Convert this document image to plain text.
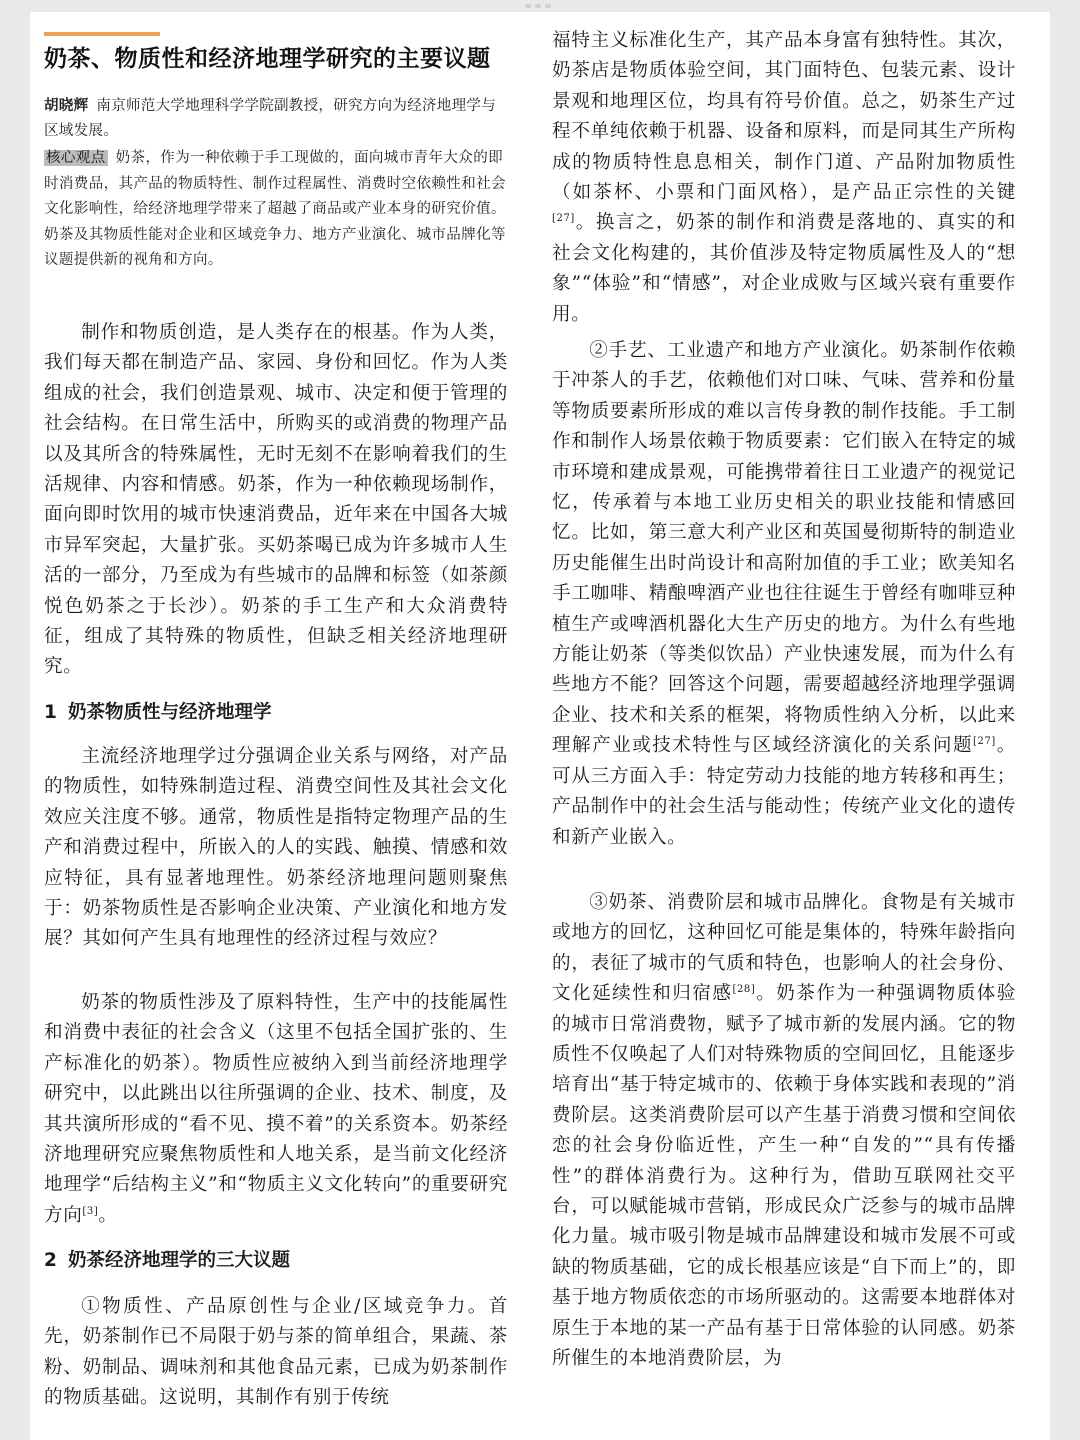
奶茶、物质性和经济地理学研究的主要议题
胡晓辉 南京师范大学地理科学学院副教授，研究方向为经济地理学与区域发展。
核心观点 奶茶，作为一种依赖于手工现做的，面向城市青年大众的即时消费品，其产品的物质特性、制作过程属性、消费时空依赖性和社会文化影响性，给经济地理学带来了超越了商品或产业本身的研究价值。奶茶及其物质性能对企业和区域竞争力、地方产业演化、城市品牌化等议题提供新的视角和方向。

制作和物质创造，是人类存在的根基。作为人类，我们每天都在制造产品、家园、身份和回忆。作为人类组成的社会，我们创造景观、城市、决定和便于管理的社会结构。在日常生活中，所购买的或消费的物理产品以及其所含的特殊属性，无时无刻不在影响着我们的生活规律、内容和情感。奶茶，作为一种依赖现场制作，面向即时饮用的城市快速消费品，近年来在中国各大城市异军突起，大量扩张。买奶茶喝已成为许多城市人生活的一部分，乃至成为有些城市的品牌和标签（如茶颜悦色奶茶之于长沙）。奶茶的手工生产和大众消费特征，组成了其特殊的物质性，但缺乏相关经济地理研究。

1 奶茶物质性与经济地理学

主流经济地理学过分强调企业关系与网络，对产品的物质性，如特殊制造过程、消费空间性及其社会文化效应关注度不够。通常，物质性是指特定物理产品的生产和消费过程中，所嵌入的人的实践、触摸、情感和效应特征，具有显著地理性。奶茶经济地理问题则聚焦于：奶茶物质性是否影响企业决策、产业演化和地方发展？其如何产生具有地理性的经济过程与效应？

奶茶的物质性涉及了原料特性，生产中的技能属性和消费中表征的社会含义（这里不包括全国扩张的、生产标准化的奶茶）。物质性应被纳入到当前经济地理学研究中，以此跳出以往所强调的企业、技术、制度，及其共演所形成的“看不见、摸不着”的关系资本。奶茶经济地理研究应聚焦物质性和人地关系，是当前文化经济地理学“后结构主义”和“物质主义文化转向”的重要研究方向[3]。

2 奶茶经济地理学的三大议题

①物质性、产品原创性与企业/区域竞争力。首先，奶茶制作已不局限于奶与茶的简单组合，果蔬、茶粉、奶制品、调味剂和其他食品元素，已成为奶茶制作的物质基础。这说明，其制作有别于传统

福特主义标准化生产，其产品本身富有独特性。其次，奶茶店是物质体验空间，其门面特色、包装元素、设计景观和地理区位，均具有符号价值。总之，奶茶生产过程不单纯依赖于机器、设备和原料，而是同其生产所构成的物质特性息息相关，制作门道、产品附加物质性（如茶杯、小票和门面风格），是产品正宗性的关键[27]。换言之，奶茶的制作和消费是落地的、真实的和社会文化构建的，其价值涉及特定物质属性及人的“想象”“体验”和“情感”，对企业成败与区域兴衰有重要作用。

②手艺、工业遗产和地方产业演化。奶茶制作依赖于冲茶人的手艺，依赖他们对口味、气味、营养和份量等物质要素所形成的难以言传身教的制作技能。手工制作和制作人场景依赖于物质要素：它们嵌入在特定的城市环境和建成景观，可能携带着往日工业遗产的视觉记忆，传承着与本地工业历史相关的职业技能和情感回忆。比如，第三意大利产业区和英国曼彻斯特的制造业历史能催生出时尚设计和高附加值的手工业；欧美知名手工咖啡、精酿啤酒产业也往往诞生于曾经有咖啡豆种植生产或啤酒机器化大生产历史的地方。为什么有些地方能让奶茶（等类似饮品）产业快速发展，而为什么有些地方不能？回答这个问题，需要超越经济地理学强调企业、技术和关系的框架，将物质性纳入分析，以此来理解产业或技术特性与区域经济演化的关系问题[27]。可从三方面入手：特定劳动力技能的地方转移和再生；产品制作中的社会生活与能动性；传统产业文化的遗传和新产业嵌入。

③奶茶、消费阶层和城市品牌化。食物是有关城市或地方的回忆，这种回忆可能是集体的，特殊年龄指向的，表征了城市的气质和特色，也影响人的社会身份、文化延续性和归宿感[28]。奶茶作为一种强调物质体验的城市日常消费物，赋予了城市新的发展内涵。它的物质性不仅唤起了人们对特殊物质的空间回忆，且能逐步培育出“基于特定城市的、依赖于身体实践和表现的”消费阶层。这类消费阶层可以产生基于消费习惯和空间依恋的社会身份临近性，产生一种“自发的”“具有传播性”的群体消费行为。这种行为，借助互联网社交平台，可以赋能城市营销，形成民众广泛参与的城市品牌化力量。城市吸引物是城市品牌建设和城市发展不可或缺的物质基础，它的成长根基应该是“自下而上”的，即基于地方物质依恋的市场所驱动的。这需要本地群体对原生于本地的某一产品有基于日常体验的认同感。奶茶所催生的本地消费阶层，为
